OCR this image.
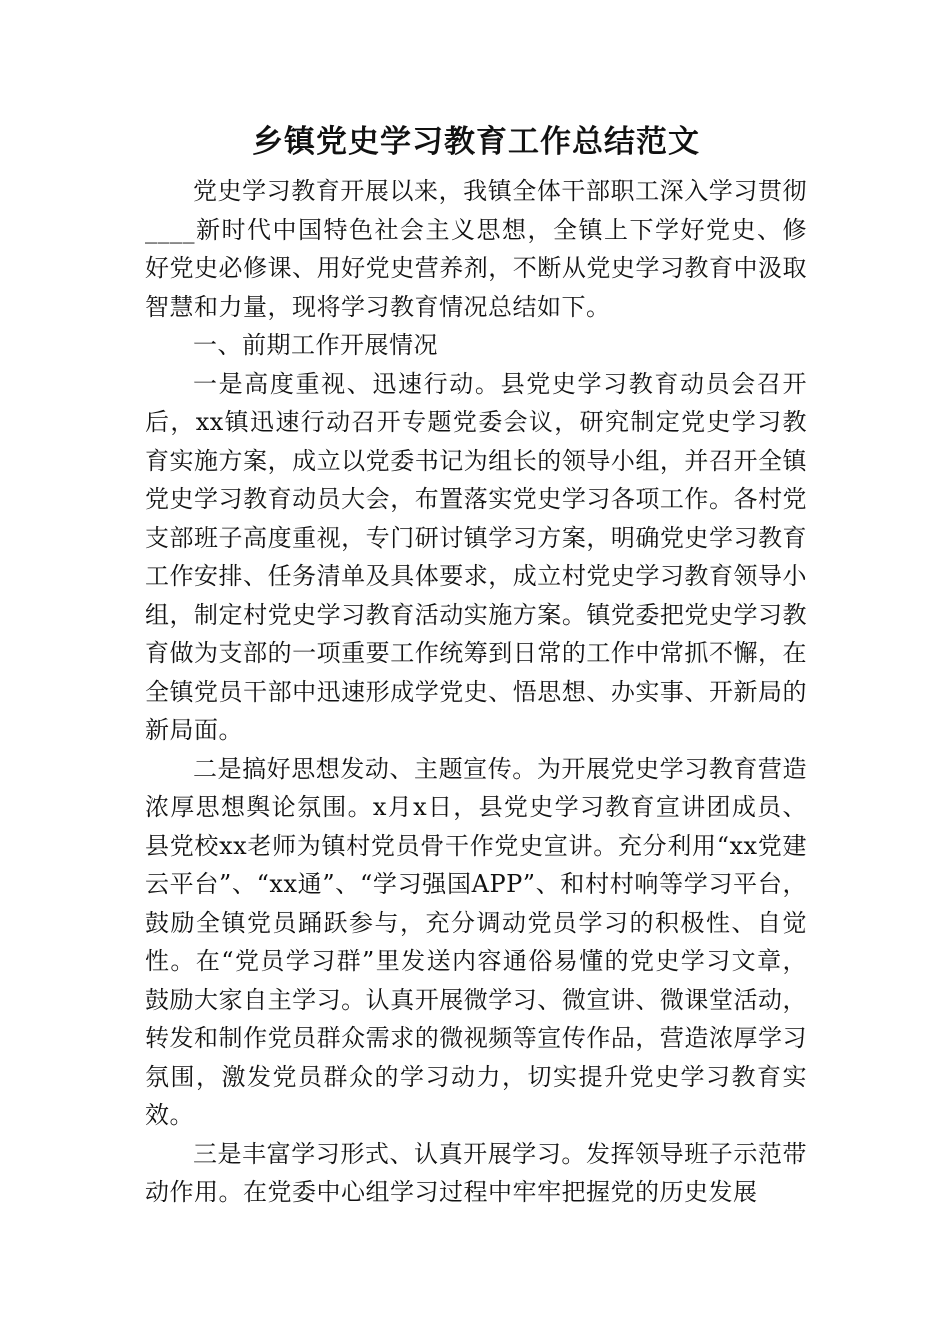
乡镇党史学习教育工作总结范文

党史学习教育开展以来，我镇全体干部职工深入学习贯彻____新时代中国特色社会主义思想，全镇上下学好党史、修好党史必修课、用好党史营养剂，不断从党史学习教育中汲取智慧和力量，现将学习教育情况总结如下。

一、前期工作开展情况

一是高度重视、迅速行动。县党史学习教育动员会召开后，xx镇迅速行动召开专题党委会议，研究制定党史学习教育实施方案，成立以党委书记为组长的领导小组，并召开全镇党史学习教育动员大会，布置落实党史学习各项工作。各村党支部班子高度重视，专门研讨镇学习方案，明确党史学习教育工作安排、任务清单及具体要求，成立村党史学习教育领导小组，制定村党史学习教育活动实施方案。镇党委把党史学习教育做为支部的一项重要工作统筹到日常的工作中常抓不懈，在全镇党员干部中迅速形成学党史、悟思想、办实事、开新局的新局面。

二是搞好思想发动、主题宣传。为开展党史学习教育营造浓厚思想舆论氛围。x月x日，县党史学习教育宣讲团成员、县党校xx老师为镇村党员骨干作党史宣讲。充分利用“xx党建云平台”、“xx通”、“学习强国APP”、和村村响等学习平台，鼓励全镇党员踊跃参与，充分调动党员学习的积极性、自觉性。在“党员学习群”里发送内容通俗易懂的党史学习文章，鼓励大家自主学习。认真开展微学习、微宣讲、微课堂活动，转发和制作党员群众需求的微视频等宣传作品，营造浓厚学习氛围，激发党员群众的学习动力，切实提升党史学习教育实效。

三是丰富学习形式、认真开展学习。发挥领导班子示范带动作用。在党委中心组学习过程中牢牢把握党的历史发展
